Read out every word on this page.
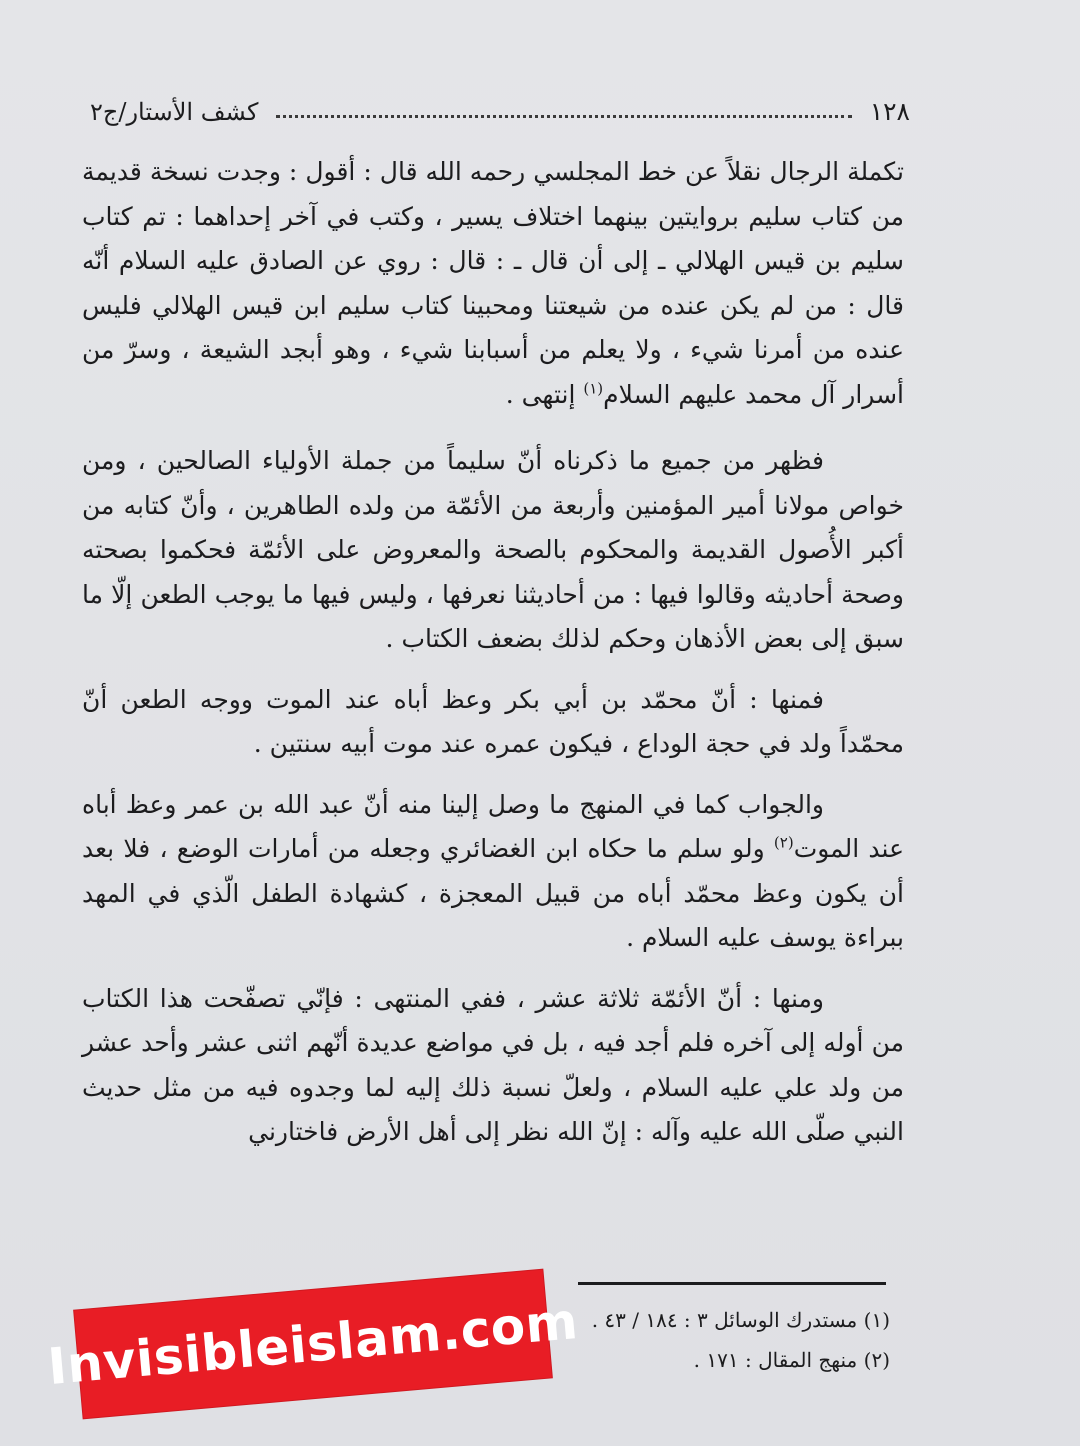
١٢٨
كشف الأستار/ج٢

تكملة الرجال نقلاً عن خط المجلسي رحمه الله قال : أقول : وجدت نسخة قديمة من كتاب سليم بروايتين بينهما اختلاف يسير ، وكتب في آخر إحداهما : تم كتاب سليم بن قيس الهلالي ـ إلى أن قال ـ : قال : روي عن الصادق عليه السلام أنّه قال : من لم يكن عنده من شيعتنا ومحبينا كتاب سليم ابن قيس الهلالي فليس عنده من أمرنا شيء ، ولا يعلم من أسبابنا شيء ، وهو أبجد الشيعة ، وسرّ من أسرار آل محمد عليهم السلام$^{(١)}$ إنتهى .

فظهر من جميع ما ذكرناه أنّ سليماً من جملة الأولياء الصالحين ، ومن خواص مولانا أمير المؤمنين وأربعة من الأئمّة من ولده الطاهرين ، وأنّ كتابه من أكبر الأُصول القديمة والمحكوم بالصحة والمعروض على الأئمّة فحكموا بصحته وصحة أحاديثه وقالوا فيها : من أحاديثنا نعرفها ، وليس فيها ما يوجب الطعن إلّا ما سبق إلى بعض الأذهان وحكم لذلك بضعف الكتاب .

فمنها : أنّ محمّد بن أبي بكر وعظ أباه عند الموت ووجه الطعن أنّ محمّداً ولد في حجة الوداع ، فيكون عمره عند موت أبيه سنتين .

والجواب كما في المنهج ما وصل إلينا منه أنّ عبد الله بن عمر وعظ أباه عند الموت$^{(٢)}$ ولو سلم ما حكاه ابن الغضائري وجعله من أمارات الوضع ، فلا بعد أن يكون وعظ محمّد أباه من قبيل المعجزة ، كشهادة الطفل الّذي في المهد ببراءة يوسف عليه السلام .

ومنها : أنّ الأئمّة ثلاثة عشر ، ففي المنتهى : فإنّي تصفّحت هذا الكتاب من أوله إلى آخره فلم أجد فيه ، بل في مواضع عديدة أنّهم اثنى عشر وأحد عشر من ولد علي عليه السلام ، ولعلّ نسبة ذلك إليه لما وجدوه فيه من مثل حديث النبي صلّى الله عليه وآله : إنّ الله نظر إلى أهل الأرض فاختارني

(١) مستدرك الوسائل ٣ : ١٨٤ / ٤٣ .

(٢) منهج المقال : ١٧١ .

Invisibleislam.com
